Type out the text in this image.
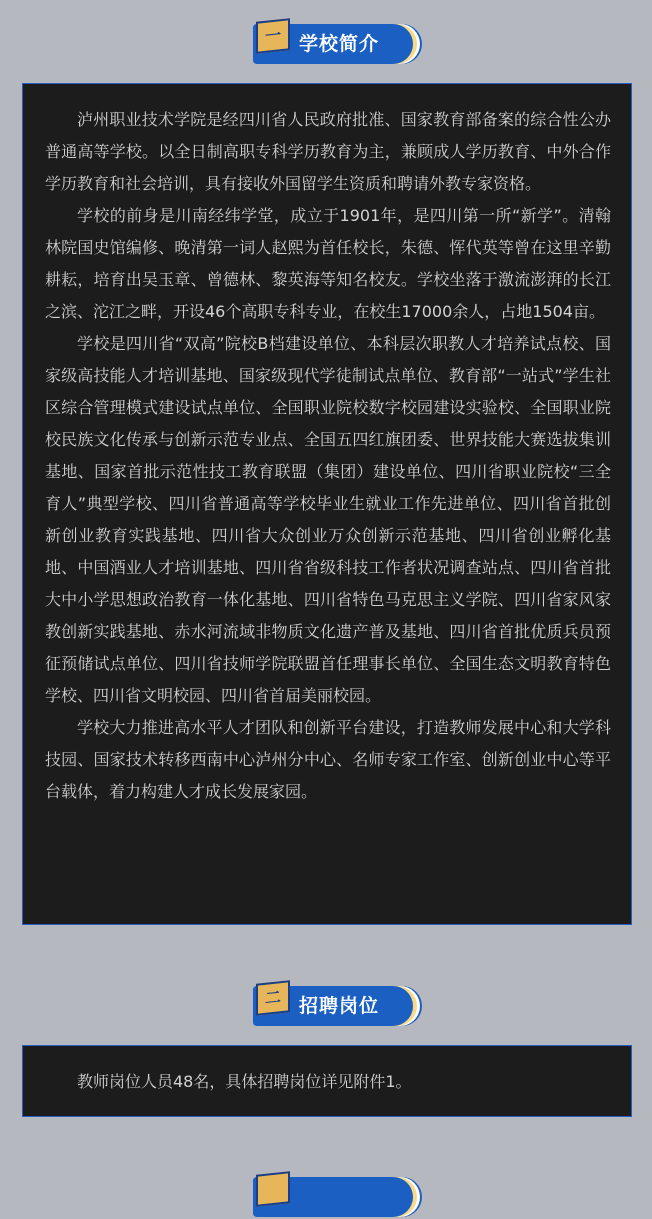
一 学校简介

泸州职业技术学院是经四川省人民政府批准、国家教育部备案的综合性公办普通高等学校。以全日制高职专科学历教育为主，兼顾成人学历教育、中外合作学历教育和社会培训，具有接收外国留学生资质和聘请外教专家资格。

学校的前身是川南经纬学堂，成立于1901年，是四川第一所“新学”。清翰林院国史馆编修、晚清第一词人赵熙为首任校长，朱德、恽代英等曾在这里辛勤耕耘，培育出吴玉章、曾德林、黎英海等知名校友。学校坐落于激流澎湃的长江之滨、沱江之畔，开设46个高职专科专业，在校生17000余人，占地1504亩。

学校是四川省“双高”院校B档建设单位、本科层次职教人才培养试点校、国家级高技能人才培训基地、国家级现代学徒制试点单位、教育部“一站式”学生社区综合管理模式建设试点单位、全国职业院校数字校园建设实验校、全国职业院校民族文化传承与创新示范专业点、全国五四红旗团委、世界技能大赛选拔集训基地、国家首批示范性技工教育联盟（集团）建设单位、四川省职业院校“三全育人”典型学校、四川省普通高等学校毕业生就业工作先进单位、四川省首批创新创业教育实践基地、四川省大众创业万众创新示范基地、四川省创业孵化基地、中国酒业人才培训基地、四川省省级科技工作者状况调查站点、四川省首批大中小学思想政治教育一体化基地、四川省特色马克思主义学院、四川省家风家教创新实践基地、赤水河流域非物质文化遗产普及基地、四川省首批优质兵员预征预储试点单位、四川省技师学院联盟首任理事长单位、全国生态文明教育特色学校、四川省文明校园、四川省首届美丽校园。

学校大力推进高水平人才团队和创新平台建设，打造教师发展中心和大学科技园、国家技术转移西南中心泸州分中心、名师专家工作室、创新创业中心等平台载体，着力构建人才成长发展家园。

二 招聘岗位

教师岗位人员48名，具体招聘岗位详见附件1。
